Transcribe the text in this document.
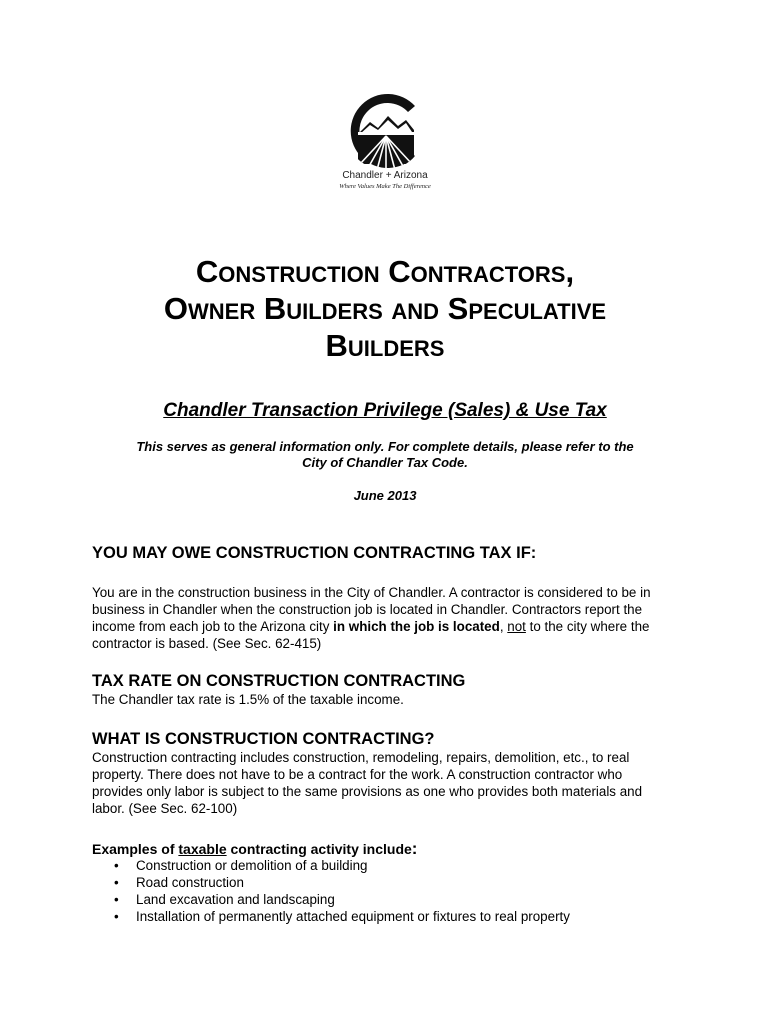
Chandler + Arizona
Where Values Make The Difference
Construction Contractors,
Owner Builders and Speculative
Builders
Chandler Transaction Privilege (Sales) & Use Tax
This serves as general information only. For complete details, please refer to the
City of Chandler Tax Code.
June 2013
YOU MAY OWE CONSTRUCTION CONTRACTING TAX IF:
You are in the construction business in the City of Chandler. A contractor is considered to be in
business in Chandler when the construction job is located in Chandler. Contractors report the
income from each job to the Arizona city in which the job is located, not to the city where the
contractor is based. (See Sec. 62-415)
TAX RATE ON CONSTRUCTION CONTRACTING
The Chandler tax rate is 1.5% of the taxable income.
WHAT IS CONSTRUCTION CONTRACTING?
Construction contracting includes construction, remodeling, repairs, demolition, etc., to real
property. There does not have to be a contract for the work. A construction contractor who
provides only labor is subject to the same provisions as one who provides both materials and
labor. (See Sec. 62-100)
Examples of taxable contracting activity include:
• Construction or demolition of a building
• Road construction
• Land excavation and landscaping
• Installation of permanently attached equipment or fixtures to real property
